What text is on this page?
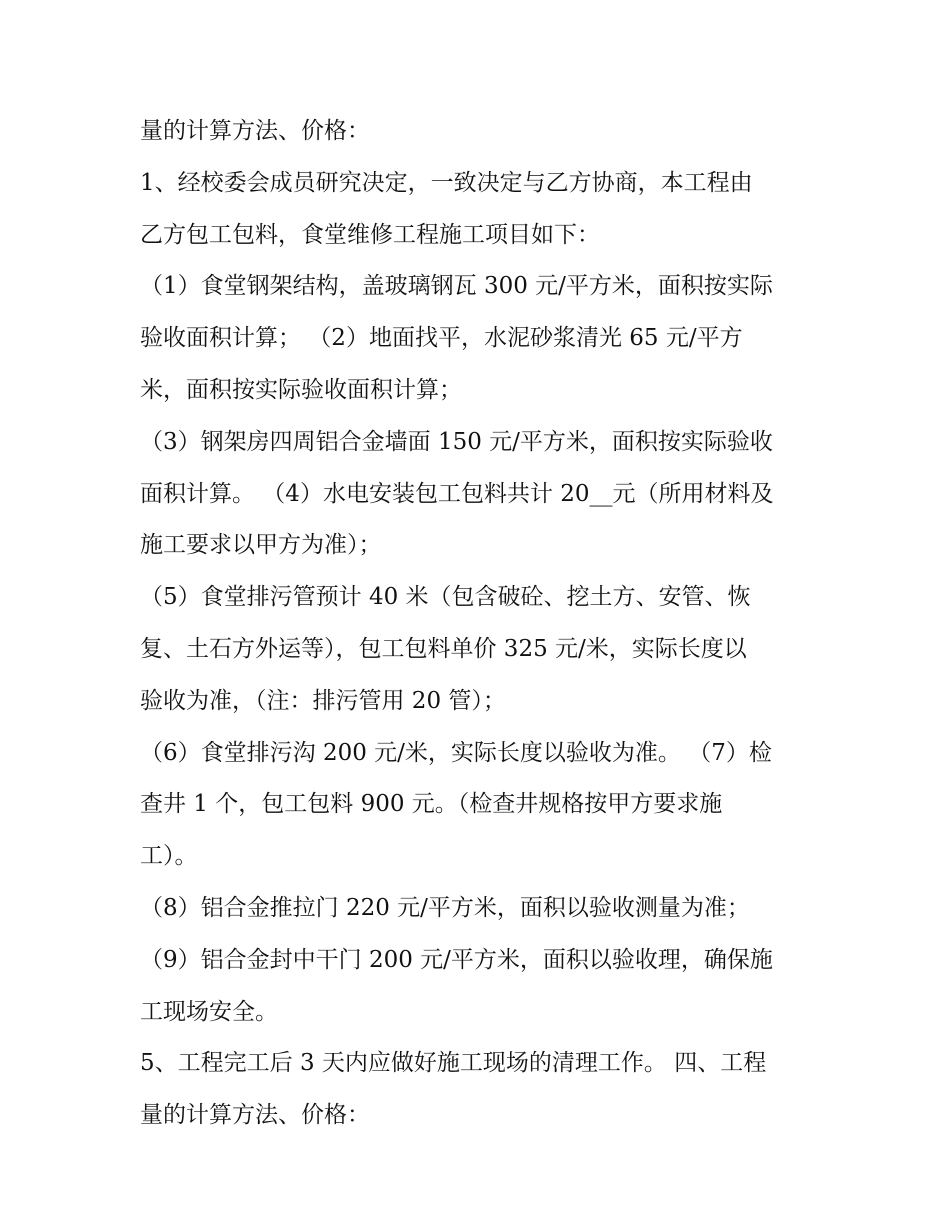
量的计算方法、价格：
1、经校委会成员研究决定，一致决定与乙方协商，本工程由
乙方包工包料，食堂维修工程施工项目如下：
（1）食堂钢架结构，盖玻璃钢瓦 300 元/平方米，面积按实际
验收面积计算； （2）地面找平，水泥砂浆清光 65 元/平方
米，面积按实际验收面积计算；
（3）钢架房四周铝合金墙面 150 元/平方米，面积按实际验收
面积计算。 （4）水电安装包工包料共计 20__元（所用材料及
施工要求以甲方为准）；
（5）食堂排污管预计 40 米（包含破砼、挖土方、安管、恢
复、土石方外运等），包工包料单价 325 元/米，实际长度以
验收为准，（注：排污管用 20 管）；
（6）食堂排污沟 200 元/米，实际长度以验收为准。 （7）检
查井 1 个，包工包料 900 元。（检查井规格按甲方要求施
工）。
（8）铝合金推拉门 220 元/平方米，面积以验收测量为准；
（9）铝合金封中干门 200 元/平方米，面积以验收理，确保施
工现场安全。
5、工程完工后 3 天内应做好施工现场的清理工作。 四、工程
量的计算方法、价格：
